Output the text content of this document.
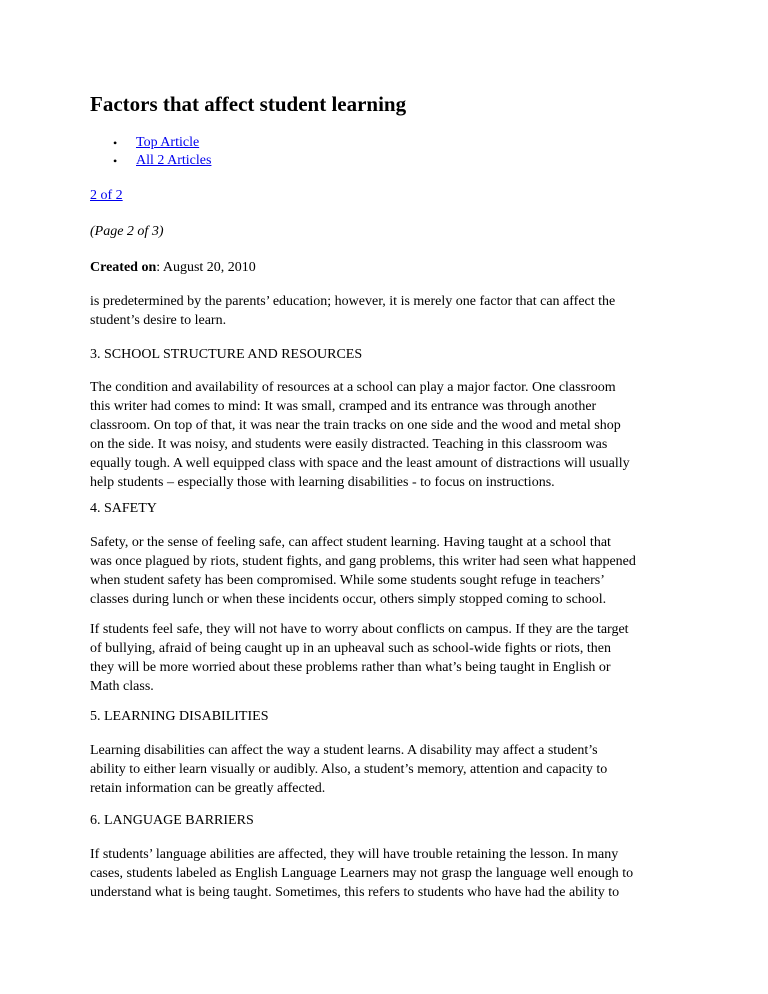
Factors that affect student learning
• Top Article
• All 2 Articles

2 of 2

(Page 2 of 3)

Created on: August 20, 2010

is predetermined by the parents’ education; however, it is merely one factor that can affect the
student’s desire to learn.

3. SCHOOL STRUCTURE AND RESOURCES

The condition and availability of resources at a school can play a major factor. One classroom
this writer had comes to mind: It was small, cramped and its entrance was through another
classroom. On top of that, it was near the train tracks on one side and the wood and metal shop
on the side. It was noisy, and students were easily distracted. Teaching in this classroom was
equally tough. A well equipped class with space and the least amount of distractions will usually
help students – especially those with learning disabilities - to focus on instructions.

4. SAFETY

Safety, or the sense of feeling safe, can affect student learning. Having taught at a school that
was once plagued by riots, student fights, and gang problems, this writer had seen what happened
when student safety has been compromised. While some students sought refuge in teachers’
classes during lunch or when these incidents occur, others simply stopped coming to school.

If students feel safe, they will not have to worry about conflicts on campus. If they are the target
of bullying, afraid of being caught up in an upheaval such as school-wide fights or riots, then
they will be more worried about these problems rather than what’s being taught in English or
Math class.

5. LEARNING DISABILITIES

Learning disabilities can affect the way a student learns. A disability may affect a student’s
ability to either learn visually or audibly. Also, a student’s memory, attention and capacity to
retain information can be greatly affected.

6. LANGUAGE BARRIERS

If students’ language abilities are affected, they will have trouble retaining the lesson. In many
cases, students labeled as English Language Learners may not grasp the language well enough to
understand what is being taught. Sometimes, this refers to students who have had the ability to
